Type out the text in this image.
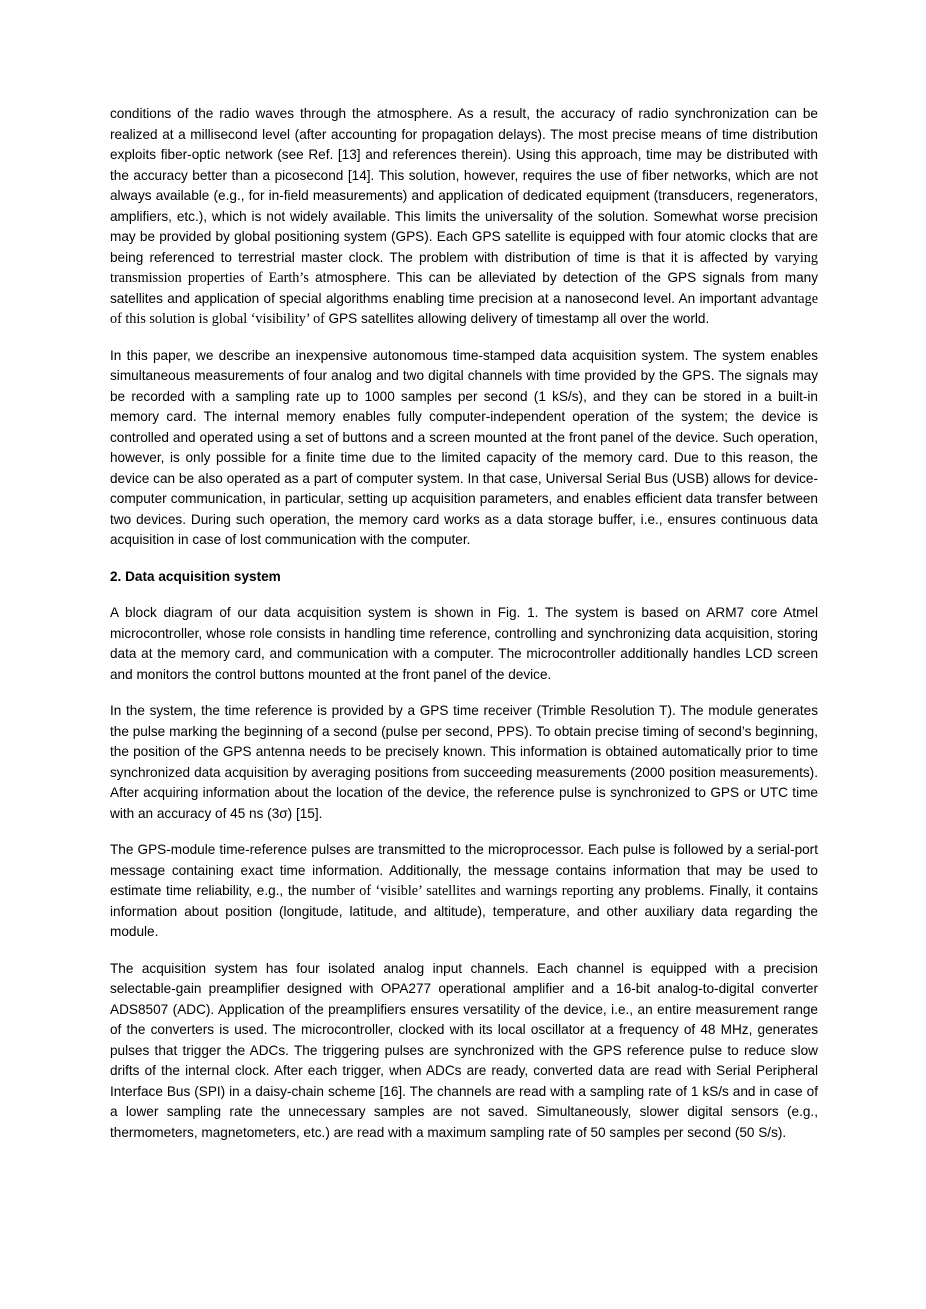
conditions of the radio waves through the atmosphere. As a result, the accuracy of radio synchronization can be realized at a millisecond level (after accounting for propagation delays). The most precise means of time distribution exploits fiber-optic network (see Ref. [13] and references therein). Using this approach, time may be distributed with the accuracy better than a picosecond [14]. This solution, however, requires the use of fiber networks, which are not always available (e.g., for in-field measurements) and application of dedicated equipment (transducers, regenerators, amplifiers, etc.), which is not widely available. This limits the universality of the solution. Somewhat worse precision may be provided by global positioning system (GPS). Each GPS satellite is equipped with four atomic clocks that are being referenced to terrestrial master clock. The problem with distribution of time is that it is affected by varying transmission properties of Earth’s atmosphere. This can be alleviated by detection of the GPS signals from many satellites and application of special algorithms enabling time precision at a nanosecond level. An important advantage of this solution is global ‘visibility’ of GPS satellites allowing delivery of timestamp all over the world.

In this paper, we describe an inexpensive autonomous time-stamped data acquisition system. The system enables simultaneous measurements of four analog and two digital channels with time provided by the GPS. The signals may be recorded with a sampling rate up to 1000 samples per second (1 kS/s), and they can be stored in a built-in memory card. The internal memory enables fully computer-independent operation of the system; the device is controlled and operated using a set of buttons and a screen mounted at the front panel of the device. Such operation, however, is only possible for a finite time due to the limited capacity of the memory card. Due to this reason, the device can be also operated as a part of computer system. In that case, Universal Serial Bus (USB) allows for device-computer communication, in particular, setting up acquisition parameters, and enables efficient data transfer between two devices. During such operation, the memory card works as a data storage buffer, i.e., ensures continuous data acquisition in case of lost communication with the computer.

2. Data acquisition system

A block diagram of our data acquisition system is shown in Fig. 1. The system is based on ARM7 core Atmel microcontroller, whose role consists in handling time reference, controlling and synchronizing data acquisition, storing data at the memory card, and communication with a computer. The microcontroller additionally handles LCD screen and monitors the control buttons mounted at the front panel of the device.

In the system, the time reference is provided by a GPS time receiver (Trimble Resolution T). The module generates the pulse marking the beginning of a second (pulse per second, PPS). To obtain precise timing of second’s beginning, the position of the GPS antenna needs to be precisely known. This information is obtained automatically prior to time synchronized data acquisition by averaging positions from succeeding measurements (2000 position measurements). After acquiring information about the location of the device, the reference pulse is synchronized to GPS or UTC time with an accuracy of 45 ns (3σ) [15].

The GPS-module time-reference pulses are transmitted to the microprocessor. Each pulse is followed by a serial-port message containing exact time information. Additionally, the message contains information that may be used to estimate time reliability, e.g., the number of ‘visible’ satellites and warnings reporting any problems. Finally, it contains information about position (longitude, latitude, and altitude), temperature, and other auxiliary data regarding the module.

The acquisition system has four isolated analog input channels. Each channel is equipped with a precision selectable-gain preamplifier designed with OPA277 operational amplifier and a 16-bit analog-to-digital converter ADS8507 (ADC). Application of the preamplifiers ensures versatility of the device, i.e., an entire measurement range of the converters is used. The microcontroller, clocked with its local oscillator at a frequency of 48 MHz, generates pulses that trigger the ADCs. The triggering pulses are synchronized with the GPS reference pulse to reduce slow drifts of the internal clock. After each trigger, when ADCs are ready, converted data are read with Serial Peripheral Interface Bus (SPI) in a daisy-chain scheme [16]. The channels are read with a sampling rate of 1 kS/s and in case of a lower sampling rate the unnecessary samples are not saved. Simultaneously, slower digital sensors (e.g., thermometers, magnetometers, etc.) are read with a maximum sampling rate of 50 samples per second (50 S/s).
